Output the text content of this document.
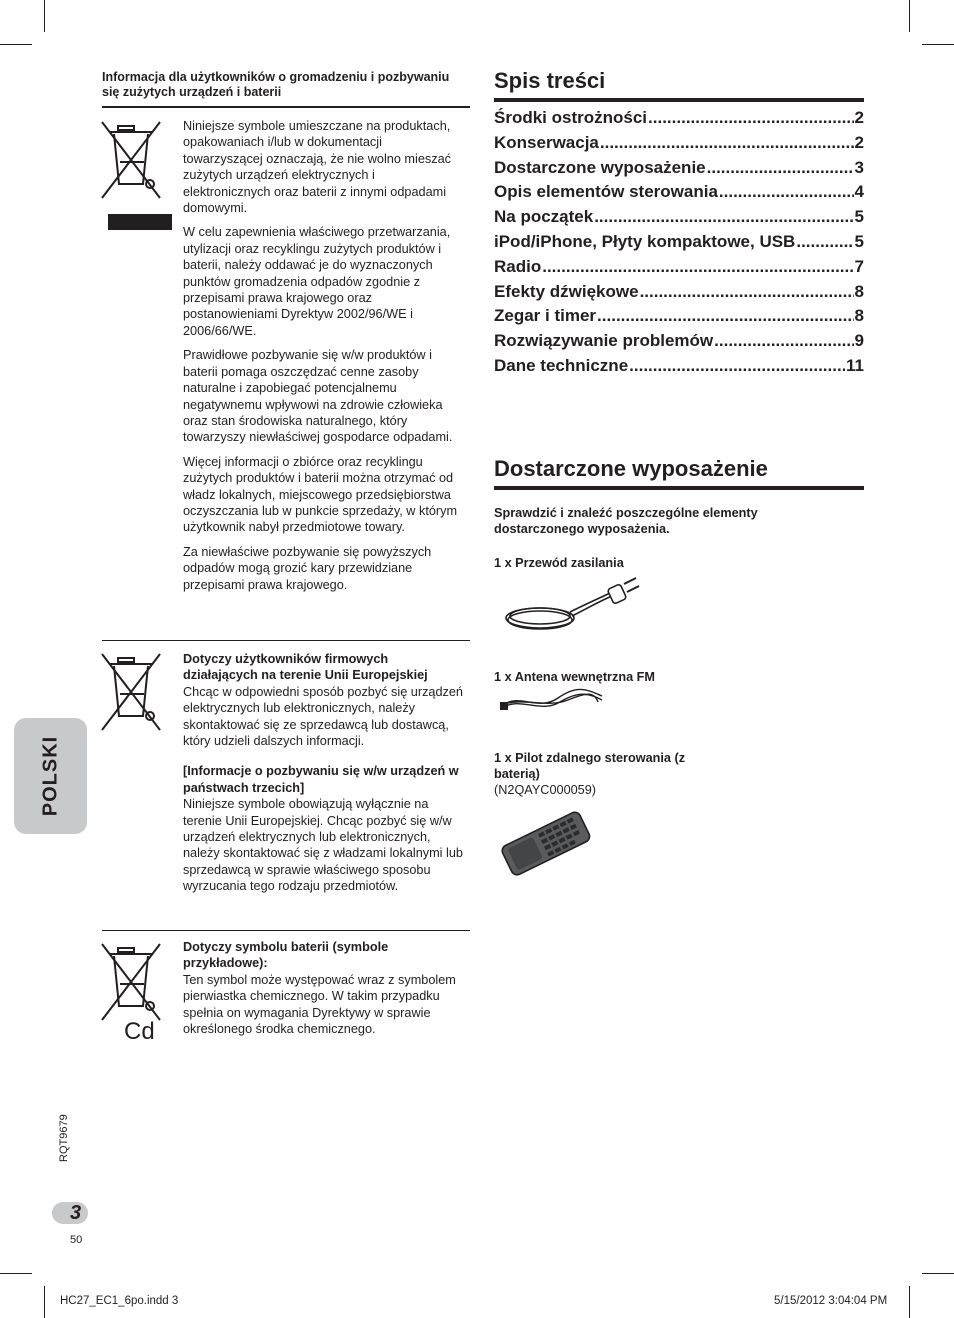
Informacja dla użytkowników o gromadzeniu i pozbywaniu się zużytych urządzeń i baterii

Niniejsze symbole umieszczane na produktach, opakowaniach i/lub w dokumentacji towarzyszącej oznaczają, że nie wolno mieszać zużytych urządzeń elektrycznych i elektronicznych oraz baterii z innymi odpadami domowymi.

W celu zapewnienia właściwego przetwarzania, utylizacji oraz recyklingu zużytych produktów i baterii, należy oddawać je do wyznaczonych punktów gromadzenia odpadów zgodnie z przepisami prawa krajowego oraz postanowieniami Dyrektyw 2002/96/WE i 2006/66/WE.

Prawidłowe pozbywanie się w/w produktów i baterii pomaga oszczędzać cenne zasoby naturalne i zapobiegać potencjalnemu negatywnemu wpływowi na zdrowie człowieka oraz stan środowiska naturalnego, który towarzyszy niewłaściwej gospodarce odpadami.

Więcej informacji o zbiórce oraz recyklingu zużytych produktów i baterii można otrzymać od władz lokalnych, miejscowego przedsiębiorstwa oczyszczania lub w punkcie sprzedaży, w którym użytkownik nabył przedmiotowe towary.

Za niewłaściwe pozbywanie się powyższych odpadów mogą grozić kary przewidziane przepisami prawa krajowego.

Dotyczy użytkowników firmowych działających na terenie Unii Europejskiej

Chcąc w odpowiedni sposób pozbyć się urządzeń elektrycznych lub elektronicznych, należy skontaktować się ze sprzedawcą lub dostawcą, który udzieli dalszych informacji.

[Informacje o pozbywaniu się w/w urządzeń w państwach trzecich]

Niniejsze symbole obowiązują wyłącznie na terenie Unii Europejskiej. Chcąc pozbyć się w/w urządzeń elektrycznych lub elektronicznych, należy skontaktować się z władzami lokalnymi lub sprzedawcą w sprawie właściwego sposobu wyrzucania tego rodzaju przedmiotów.

Cd
Dotyczy symbolu baterii (symbole przykładowe):

Ten symbol może występować wraz z symbolem pierwiastka chemicznego. W takim przypadku spełnia on wymagania Dyrektywy w sprawie określonego środka chemicznego.

POLSKI
Spis treści
Środki ostrożności .....	2
Konserwacja .....	2
Dostarczone wyposażenie .....	3
Opis elementów sterowania .....	4
Na początek .....	5
iPod/iPhone, Płyty kompaktowe, USB .....	5
Radio .....	7
Efekty dźwiękowe .....	8
Zegar i timer .....	8
Rozwiązywanie problemów .....	9
Dane techniczne .....	11
Dostarczone wyposażenie
Sprawdzić i znaleźć poszczególne elementy dostarczonego wyposażenia.
1 x Przewód zasilania
1 x Antena wewnętrzna FM
1 x Pilot zdalnego sterowania (z baterią)
(N2QAYC000059)
RQT9679
3
50
HC27_EC1_6po.indd 3	5/15/2012 3:04:04 PM
